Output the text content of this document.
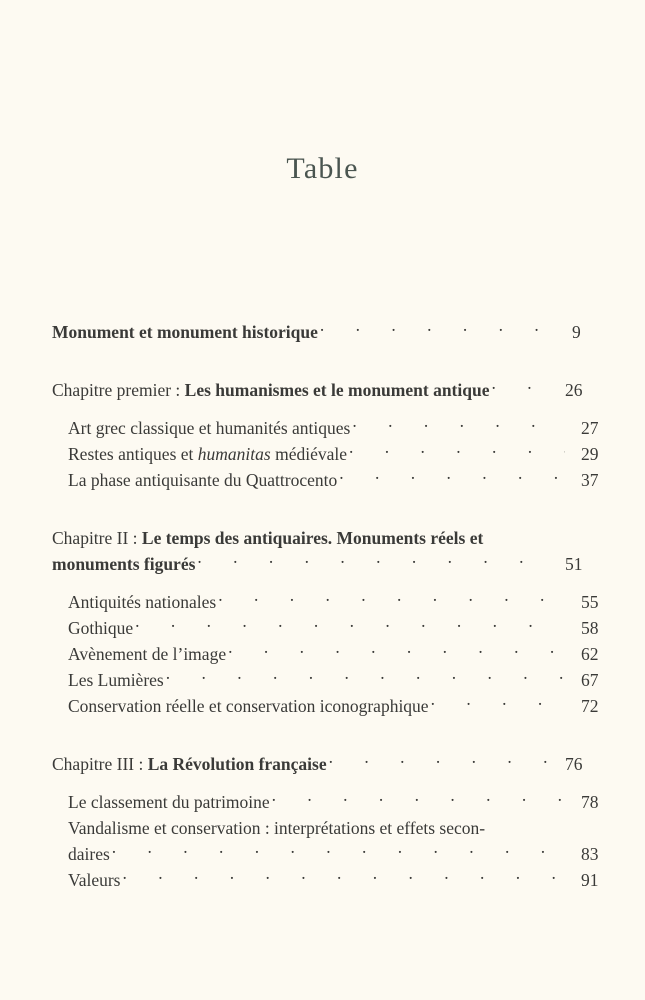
Table
Monument et monument historique . . .	9
Chapitre premier : Les humanismes et le monument antique . . .	26
Art grec classique et humanités antiques . . .	27
Restes antiques et humanitas médiévale . . .	29
La phase antiquisante du Quattrocento . . .	37
Chapitre II : Le temps des antiquaires. Monuments réels et
monuments figurés . . .	51
Antiquités nationales . . .	55
Gothique . . .	58
Avènement de l’image . . .	62
Les Lumières . . .	67
Conservation réelle et conservation iconographique . . .	72
Chapitre III : La Révolution française . . .	76
Le classement du patrimoine . . .	78
Vandalisme et conservation : interprétations et effets secon-
daires . . .	83
Valeurs . . .	91
